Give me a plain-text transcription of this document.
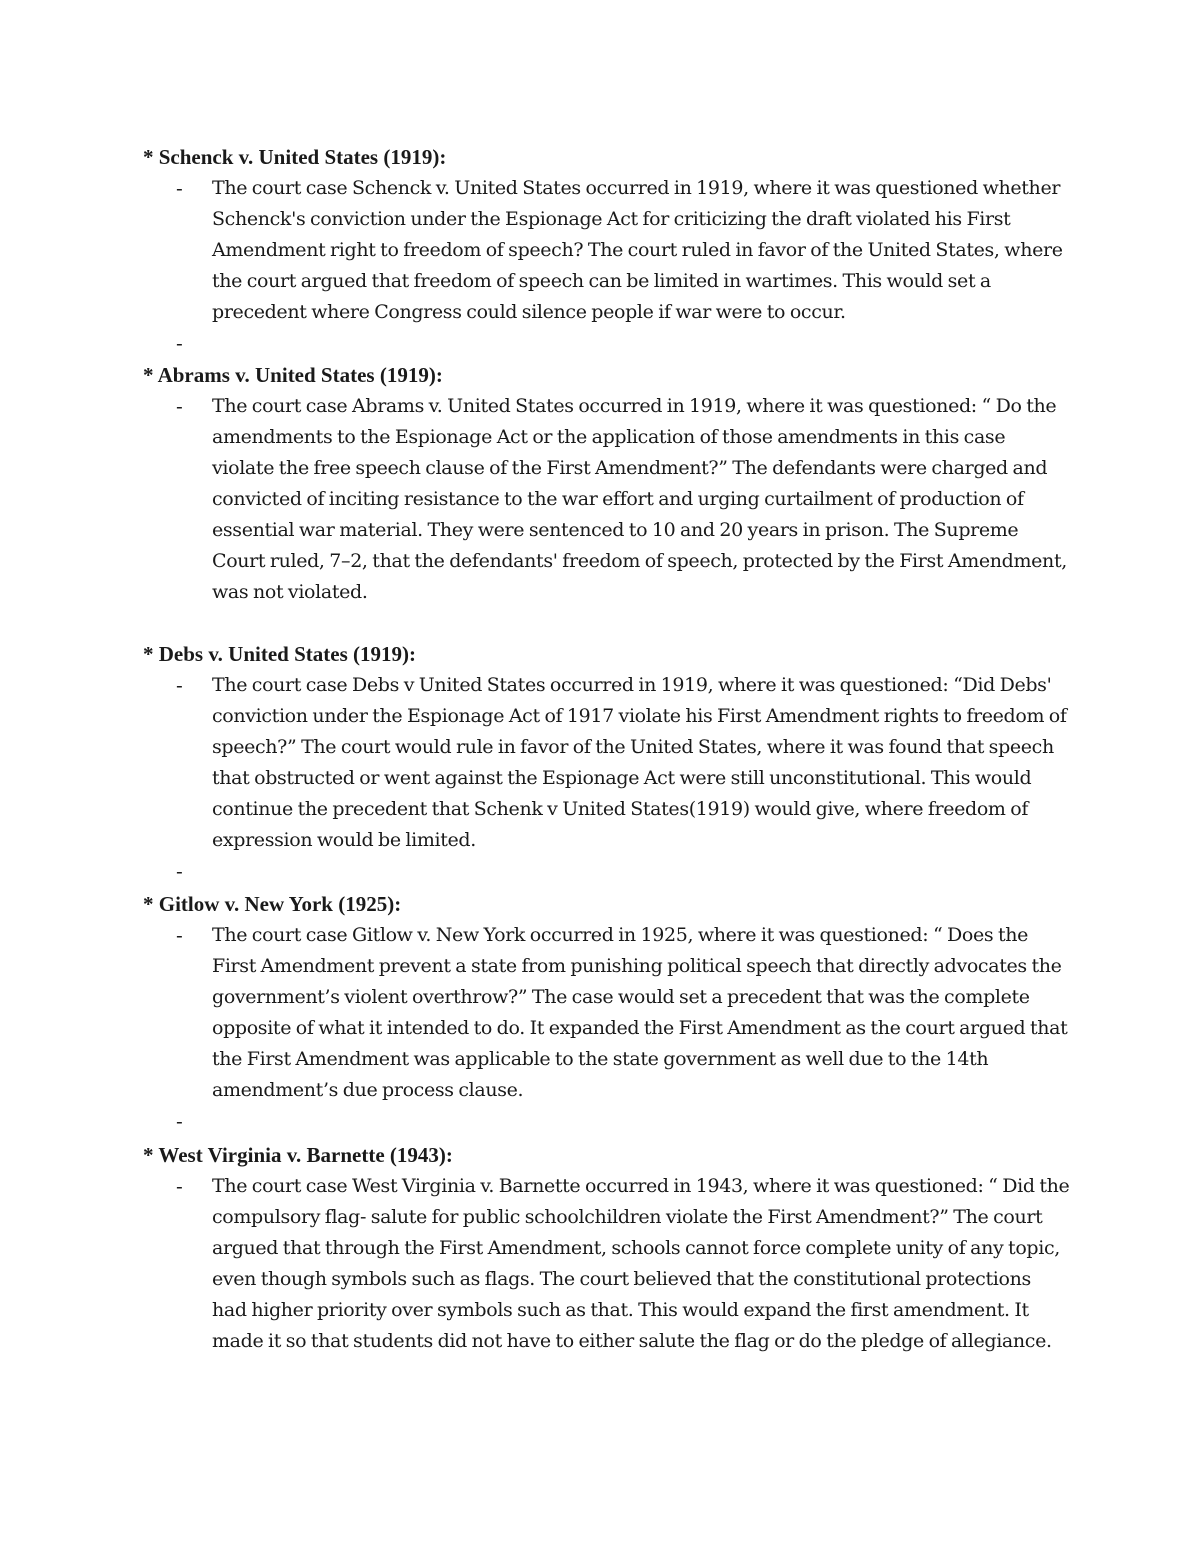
* Schenck v. United States (1919):
- The court case Schenck v. United States occurred in 1919, where it was questioned whether Schenck's conviction under the Espionage Act for criticizing the draft violated his First Amendment right to freedom of speech? The court ruled in favor of the United States, where the court argued that freedom of speech can be limited in wartimes. This would set a precedent where Congress could silence people if war were to occur.

-
* Abrams v. United States (1919):
- The court case Abrams v. United States occurred in 1919, where it was questioned: “ Do the amendments to the Espionage Act or the application of those amendments in this case violate the free speech clause of the First Amendment?” The defendants were charged and convicted of inciting resistance to the war effort and urging curtailment of production of essential war material. They were sentenced to 10 and 20 years in prison. The Supreme Court ruled, 7–2, that the defendants' freedom of speech, protected by the First Amendment, was not violated.

* Debs v. United States (1919):
- The court case Debs v United States occurred in 1919, where it was questioned: “Did Debs' conviction under the Espionage Act of 1917 violate his First Amendment rights to freedom of speech?” The court would rule in favor of the United States, where it was found that speech that obstructed or went against the Espionage Act were still unconstitutional. This would continue the precedent that Schenk v United States(1919) would give, where freedom of expression would be limited.

-
* Gitlow v. New York (1925):
- The court case Gitlow v. New York occurred in 1925, where it was questioned: “ Does the First Amendment prevent a state from punishing political speech that directly advocates the government’s violent overthrow?” The case would set a precedent that was the complete opposite of what it intended to do. It expanded the First Amendment as the court argued that the First Amendment was applicable to the state government as well due to the 14th amendment’s due process clause.

-
* West Virginia v. Barnette (1943):
- The court case West Virginia v. Barnette occurred in 1943, where it was questioned: “ Did the compulsory flag- salute for public schoolchildren violate the First Amendment?” The court argued that through the First Amendment, schools cannot force complete unity of any topic, even though symbols such as flags. The court believed that the constitutional protections had higher priority over symbols such as that. This would expand the first amendment. It made it so that students did not have to either salute the flag or do the pledge of allegiance.
